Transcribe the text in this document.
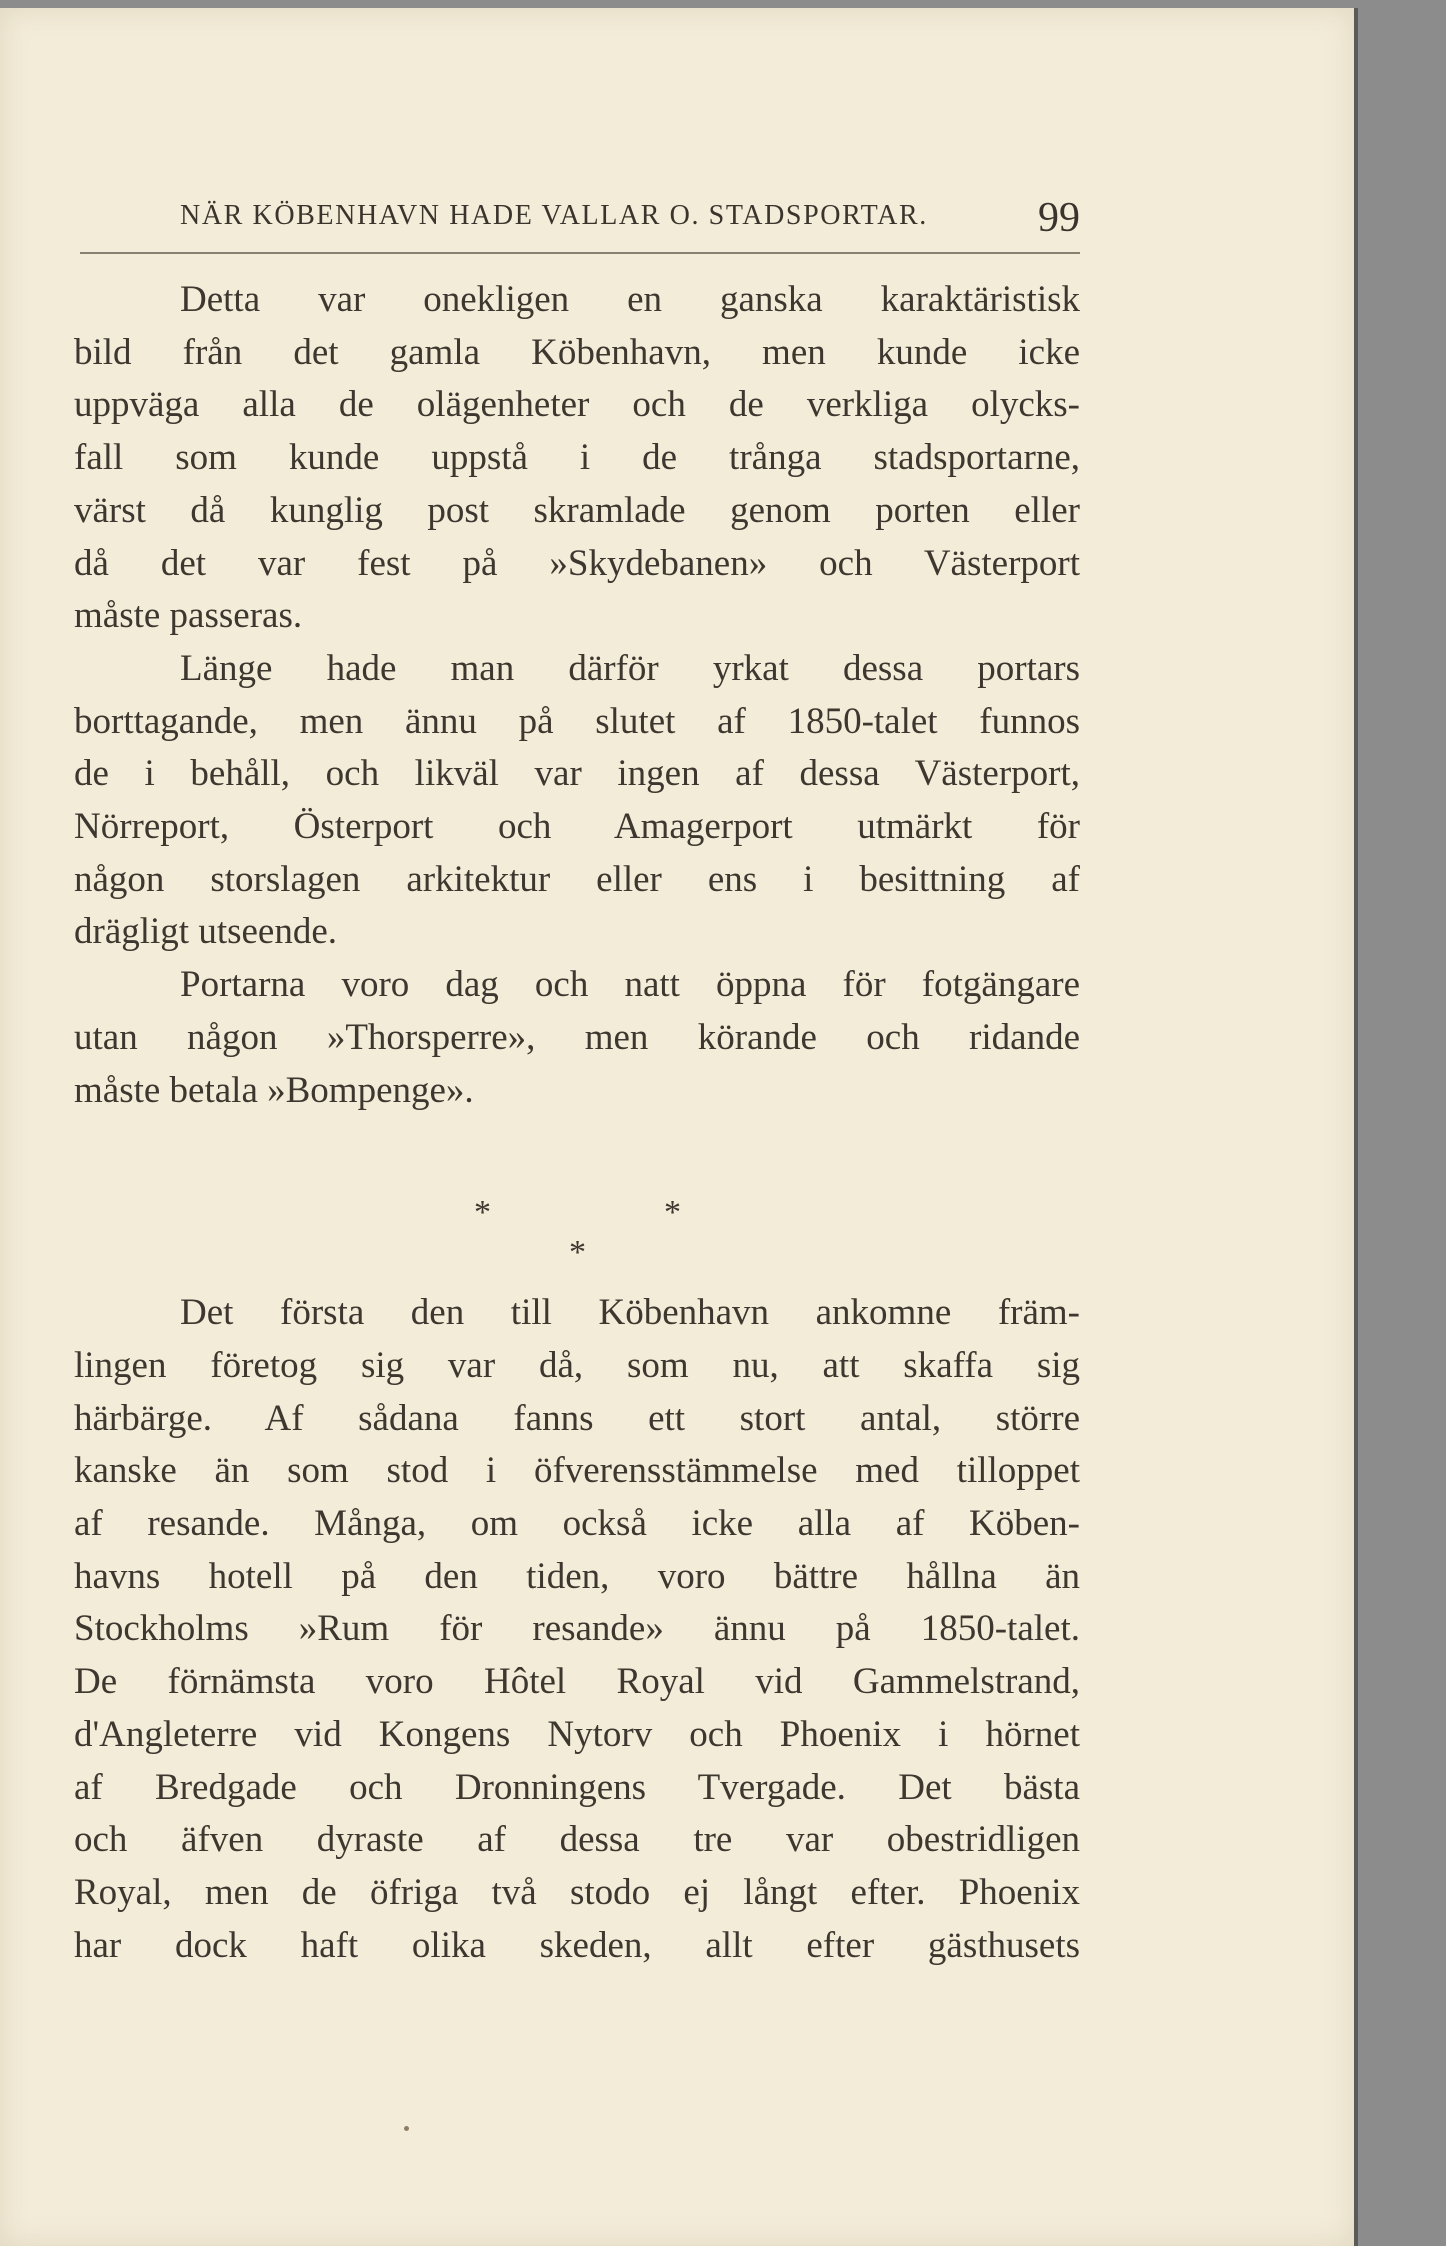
NÄR KÖBENHAVN HADE VALLAR O. STADSPORTAR.	99

Detta var onekligen en ganska karaktäristisk
bild från det gamla Köbenhavn, men kunde icke
uppväga alla de olägenheter och de verkliga olycks-
fall som kunde uppstå i de trånga stadsportarne,
värst då kunglig post skramlade genom porten eller
då det var fest på »Skydebanen» och Västerport
måste passeras.

Länge hade man därför yrkat dessa portars
borttagande, men ännu på slutet af 1850-talet funnos
de i behåll, och likväl var ingen af dessa Västerport,
Nörreport, Österport och Amagerport utmärkt för
någon storslagen arkitektur eller ens i besittning af
drägligt utseende.

Portarna voro dag och natt öppna för fotgängare
utan någon »Thorsperre», men körande och ridande
måste betala »Bompenge».

*	*
*

Det första den till Köbenhavn ankomne främ-
lingen företog sig var då, som nu, att skaffa sig
härbärge. Af sådana fanns ett stort antal, större
kanske än som stod i öfverensstämmelse med tilloppet
af resande. Många, om också icke alla af Köben-
havns hotell på den tiden, voro bättre hållna än
Stockholms »Rum för resande» ännu på 1850-talet.
De förnämsta voro Hôtel Royal vid Gammelstrand,
d'Angleterre vid Kongens Nytorv och Phoenix i hörnet
af Bredgade och Dronningens Tvergade. Det bästa
och äfven dyraste af dessa tre var obestridligen
Royal, men de öfriga två stodo ej långt efter. Phoenix
har dock haft olika skeden, allt efter gästhusets
